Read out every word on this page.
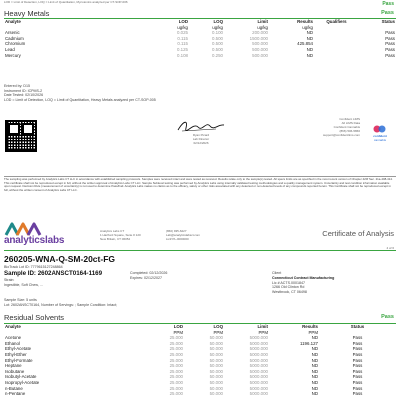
LOD = Limit of Detection, LOQ = Limit of Quantitation, Mycotoxins analyzed per CT-SOP-006	Pass
Heavy Metals	Pass
Analyte	LOD	LOQ	Limit	Results	Qualifiers	Status
	ug/kg	ug/kg	ug/kg	ug/kg		
Arsenic	0.025	0.100	200.000	ND		Pass
Cadmium	0.115	0.500	1500.000	ND		Pass
Chromium	0.115	0.500	500.000	425.854		Pass
Lead	0.125	0.500	500.000	ND		Pass
Mercury	0.108	0.250	500.000	ND		Pass
Entered by: D15
Instrument ID: ICPMS-2
Date Tested: 02/10/2026
LOD = Limit of Detection, LOQ = Limit of Quantitation, Heavy Metals analyzed per CT-SOP-005
Ryan Picard
Lab Director
02/12/2026
Confident LIMS
All LIMS Data
Confident Cannabis
(866) 506-5866
support@confidentlims.com	confident
cannabis
The sampling was performed by Analytics Labs CT LLC in accordance with established sampling protocols. Samples were received intact and were tested as received. Results relate only to the sample(s) tested. All specs limits are as specified in the most recent version of Chapter 420f Sec. 21a-408-414. This certificate shall not be reproduced except in full, without the written approval of Analytics Labs CT LLC. Sample Sublevel testing was performed by Analytics Labs using internally validated testing methodologies and a quality management system. Uncertainty and test condition information available upon request. Decision Rule (measurement of uncertainty) is not used to determine Pass/Fail. Analytics Labs makes no claims as to the efficacy, safety or other risks associated with any detected or non-detected levels of any compounds reported herein. This Certificate shall not be reproduced except in full, without the written consent of Analytics Labs CT LLC.
analyticslabs
Analytics Labs CT
1 Hartford Square, Suite # 120
New Britain, CT 06052
(860) 935-6227
Lab@analyticslabsct.com
Lic# PL-0000000
Certificate of Analysis
4 of 6
260205-WNA-Q-SM-20ct-FG
BioTrack Lot ID: 7779615127248864
Sample ID: 2602ANSCT0164-1169
Strain:
Ingestible, Soft Chew, ...
Completed: 02/12/2026
Expires: 02/12/2027
Client
Connecticut Contract Manufacturing
Lic # ACTS.0001847
1266 Old Clinton Rd
Westbrook, CT 06498
Sample Size: 5 units
Lot: 2602ANSCT0164, Number of Servings: ; Sample Condition: Intact;
Residual Solvents	Pass
Analyte	LOD	LOQ	Limit	Results	Status
	PPM	PPM	PPM	PPM	
Acetone	25.000	50.000	5000.000	ND	Pass
Ethanol	25.000	50.000	5000.000	1196.127	Pass
Ethyl-Acetate	25.000	50.000	5000.000	ND	Pass
Ethyl-Ether	25.000	50.000	5000.000	ND	Pass
Ethyl-Formate	25.000	50.000	5000.000	ND	Pass
Heptane	25.000	50.000	5000.000	ND	Pass
Isobutane	25.000	50.000	5000.000	ND	Pass
Isobutyl-Acetate	25.000	50.000	5000.000	ND	Pass
Isopropyl-Acetate	25.000	50.000	5000.000	ND	Pass
n-Butane	25.000	50.000	5000.000	ND	Pass
n-Pentane	25.000	50.000	5000.000	ND	Pass
